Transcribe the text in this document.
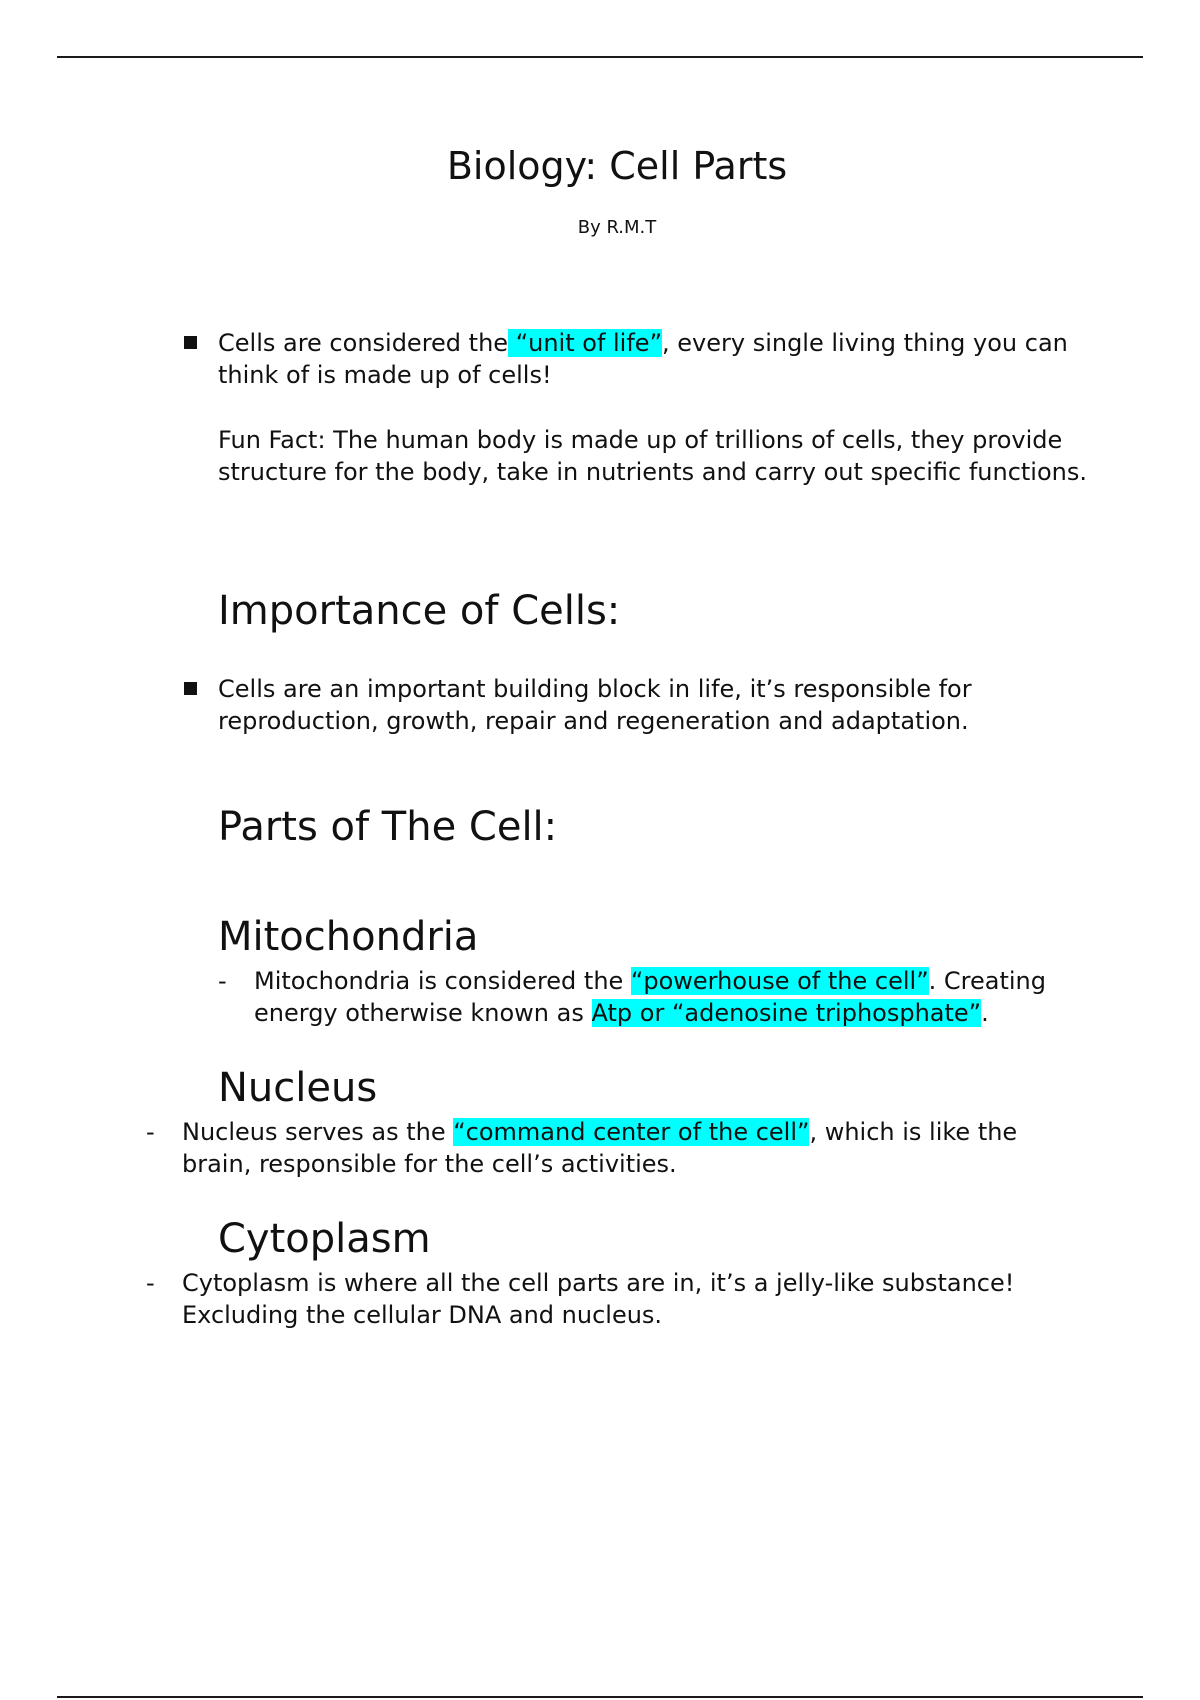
Biology: Cell Parts

By R.M.T

Cells are considered the “unit of life”, every single living thing you can think of is made up of cells!

Fun Fact: The human body is made up of trillions of cells, they provide structure for the body, take in nutrients and carry out specific functions.

Importance of Cells:

Cells are an important building block in life, it’s responsible for reproduction, growth, repair and regeneration and adaptation.

Parts of The Cell:
Mitochondria
- Mitochondria is considered the “powerhouse of the cell”. Creating energy otherwise known as Atp or “adenosine triphosphate”.

Nucleus
- Nucleus serves as the “command center of the cell”, which is like the brain, responsible for the cell’s activities.

Cytoplasm
- Cytoplasm is where all the cell parts are in, it’s a jelly-like substance! Excluding the cellular DNA and nucleus.
